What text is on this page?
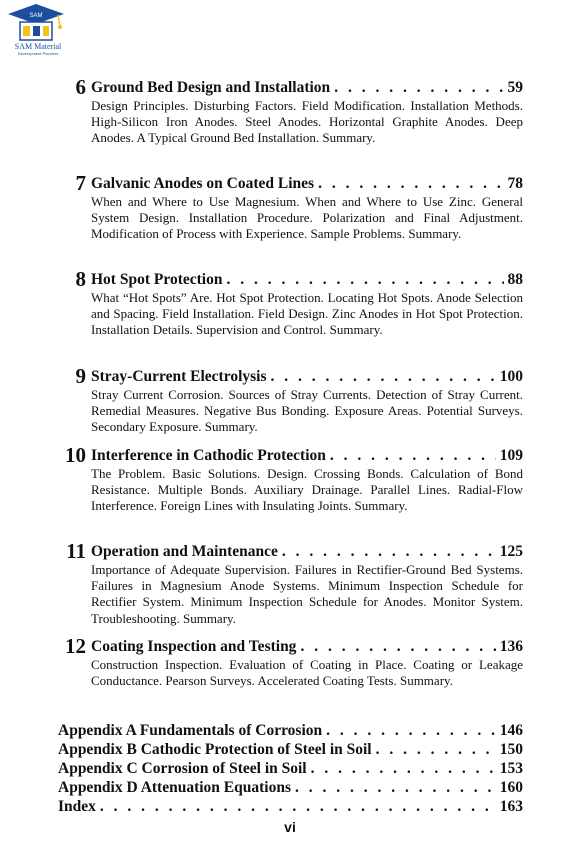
SAM
SAM Material
Development Pioneers
6 Ground Bed Design and Installation . . .	59
Design Principles. Disturbing Factors. Field Modification. Installation Methods. High-Silicon Iron Anodes. Steel Anodes. Horizontal Graphite Anodes. Deep Anodes. A Typical Ground Bed Installation. Summary.
7 Galvanic Anodes on Coated Lines . . .	78
When and Where to Use Magnesium. When and Where to Use Zinc. General System Design. Installation Procedure. Polarization and Final Adjustment. Modification of Process with Experience. Sample Problems. Summary.
8 Hot Spot Protection . . .	88
What “Hot Spots” Are. Hot Spot Protection. Locating Hot Spots. Anode Selection and Spacing. Field Installation. Field Design. Zinc Anodes in Hot Spot Protection. Installation Details. Supervision and Control. Summary.
9 Stray-Current Electrolysis . . .	100
Stray Current Corrosion. Sources of Stray Currents. Detection of Stray Current. Remedial Measures. Negative Bus Bonding. Exposure Areas. Potential Surveys. Secondary Exposure. Summary.
10 Interference in Cathodic Protection . . .	109
The Problem. Basic Solutions. Design. Crossing Bonds. Calculation of Bond Resistance. Multiple Bonds. Auxiliary Drainage. Parallel Lines. Radial-Flow Interference. Foreign Lines with Insulating Joints. Summary.
11 Operation and Maintenance . . .	125
Importance of Adequate Supervision. Failures in Rectifier-Ground Bed Systems. Failures in Magnesium Anode Systems. Minimum Inspection Schedule for Rectifier System. Minimum Inspection Schedule for Anodes. Monitor System. Troubleshooting. Summary.
12 Coating Inspection and Testing . . .	136
Construction Inspection. Evaluation of Coating in Place. Coating or Leakage Conductance. Pearson Surveys. Accelerated Coating Tests. Summary.
Appendix A Fundamentals of Corrosion . . .	146
Appendix B Cathodic Protection of Steel in Soil . . .	150
Appendix C Corrosion of Steel in Soil . . .	153
Appendix D Attenuation Equations . . .	160
Index . . .	163
vi
